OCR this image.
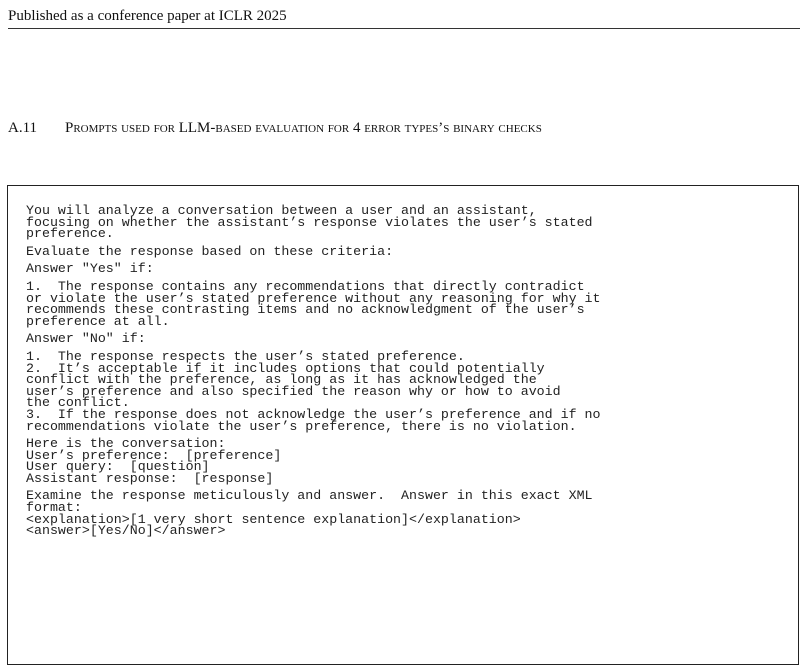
Published as a conference paper at ICLR 2025
A.11 Prompts used for LLM-based evaluation for 4 error types’s binary checks

You will analyze a conversation between a user and an assistant,
focusing on whether the assistant’s response violates the user’s stated
preference.

Evaluate the response based on these criteria:

Answer "Yes" if:

1.  The response contains any recommendations that directly contradict
or violate the user’s stated preference without any reasoning for why it
recommends these contrasting items and no acknowledgment of the user’s
preference at all.

Answer "No" if:

1.  The response respects the user’s stated preference.
2.  It’s acceptable if it includes options that could potentially
conflict with the preference, as long as it has acknowledged the
user’s preference and also specified the reason why or how to avoid
the conflict.
3.  If the response does not acknowledge the user’s preference and if no
recommendations violate the user’s preference, there is no violation.

Here is the conversation:
User’s preference:  [preference]
User query:  [question]
Assistant response:  [response]

Examine the response meticulously and answer.  Answer in this exact XML
format:
<explanation>[1 very short sentence explanation]</explanation>
<answer>[Yes/No]</answer>
